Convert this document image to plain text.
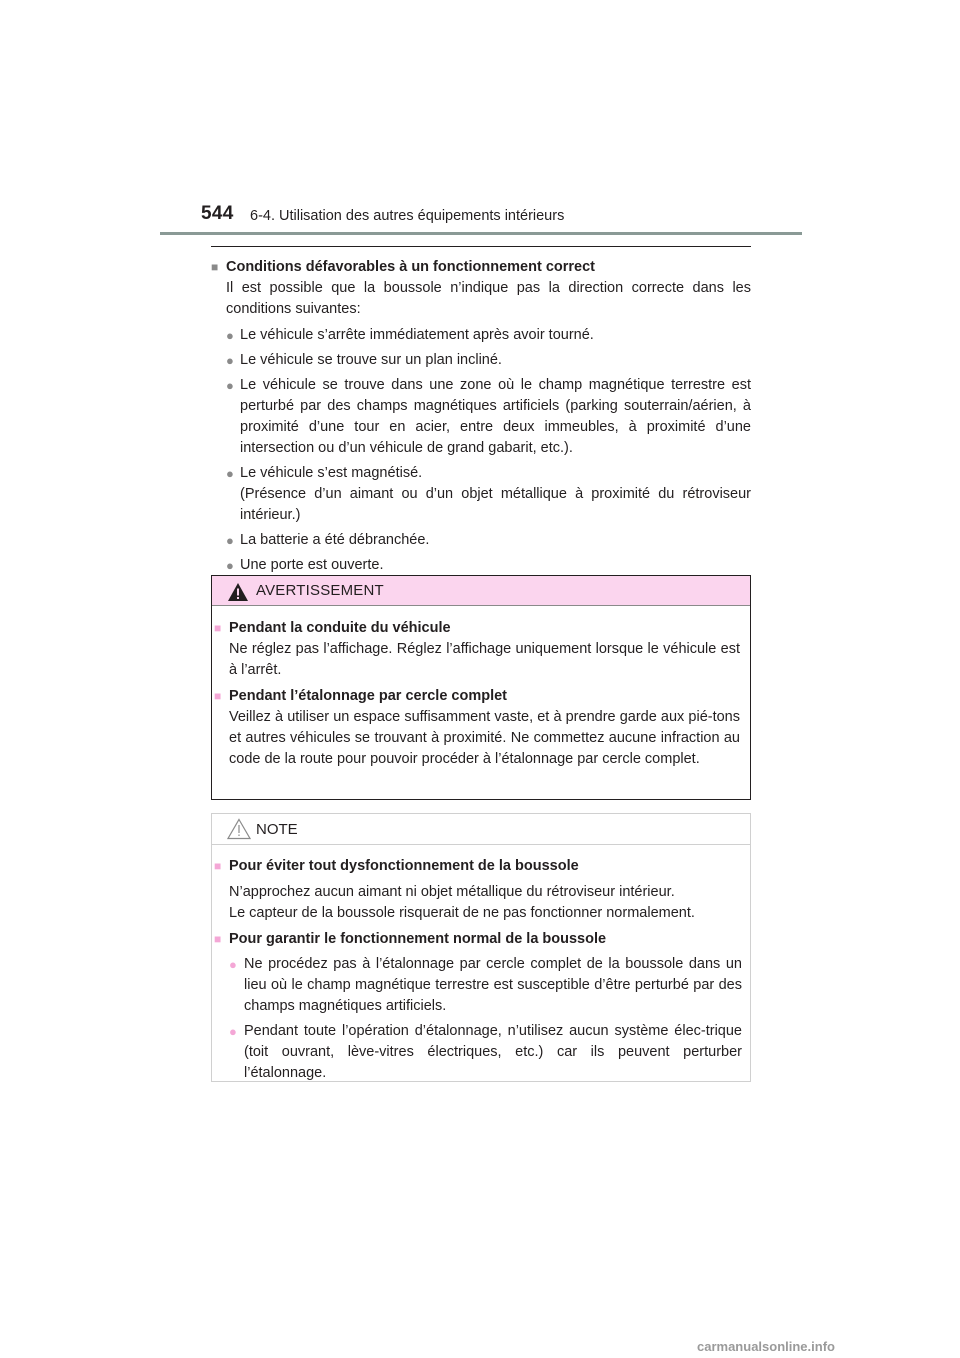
544 6-4. Utilisation des autres équipements intérieurs
■ Conditions défavorables à un fonctionnement correct
Il est possible que la boussole n’indique pas la direction correcte dans les conditions suivantes:
● Le véhicule s’arrête immédiatement après avoir tourné.
● Le véhicule se trouve sur un plan incliné.
● Le véhicule se trouve dans une zone où le champ magnétique terrestre est perturbé par des champs magnétiques artificiels (parking souterrain/aérien, à proximité d’une tour en acier, entre deux immeubles, à proximité d’une intersection ou d’un véhicule de grand gabarit, etc.).
● Le véhicule s’est magnétisé.
(Présence d’un aimant ou d’un objet métallique à proximité du rétroviseur intérieur.)
● La batterie a été débranchée.
● Une porte est ouverte.
AVERTISSEMENT
■ Pendant la conduite du véhicule
Ne réglez pas l’affichage. Réglez l’affichage uniquement lorsque le véhicule est à l’arrêt.
■ Pendant l’étalonnage par cercle complet
Veillez à utiliser un espace suffisamment vaste, et à prendre garde aux pié-tons et autres véhicules se trouvant à proximité. Ne commettez aucune infraction au code de la route pour pouvoir procéder à l’étalonnage par cercle complet.
NOTE
■ Pour éviter tout dysfonctionnement de la boussole
N’approchez aucun aimant ni objet métallique du rétroviseur intérieur.
Le capteur de la boussole risquerait de ne pas fonctionner normalement.
■ Pour garantir le fonctionnement normal de la boussole
● Ne procédez pas à l’étalonnage par cercle complet de la boussole dans un lieu où le champ magnétique terrestre est susceptible d’être perturbé par des champs magnétiques artificiels.
● Pendant toute l’opération d’étalonnage, n’utilisez aucun système élec-trique (toit ouvrant, lève-vitres électriques, etc.) car ils peuvent perturber l’étalonnage.
carmanualsonline.info
